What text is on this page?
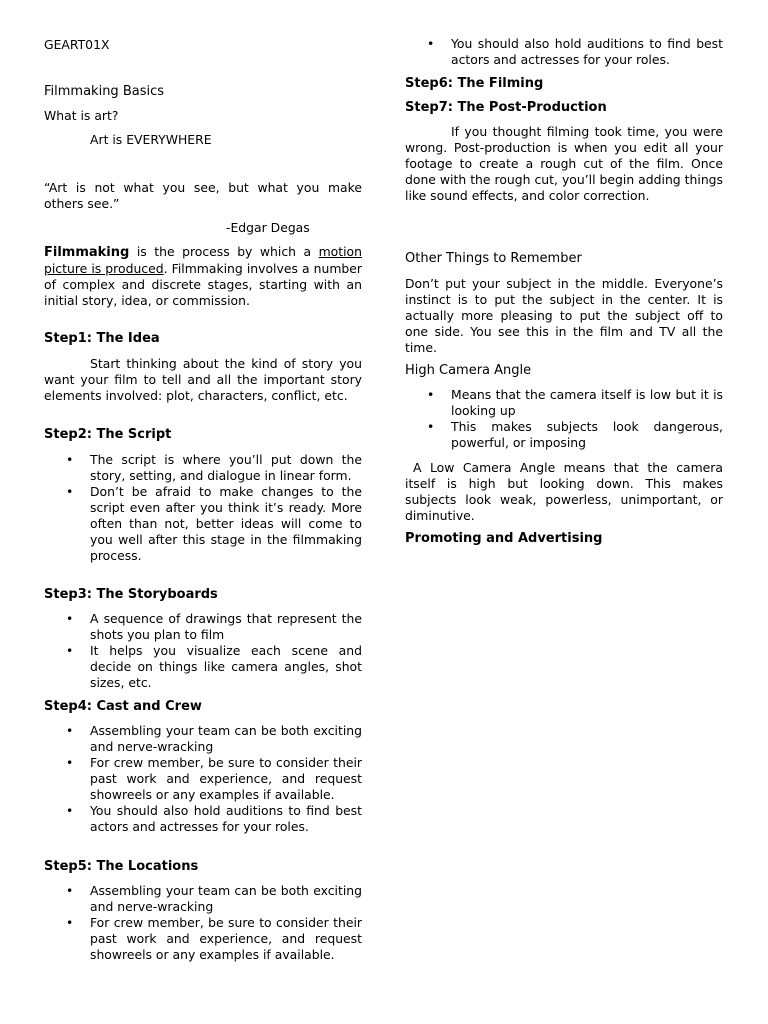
GEART01X

Filmmaking Basics

What is art?

Art is EVERYWHERE

“Art is not what you see, but what you make others see.”

-Edgar Degas

Filmmaking is the process by which a motion picture is produced. Filmmaking involves a number of complex and discrete stages, starting with an initial story, idea, or commission.

Step1: The Idea

Start thinking about the kind of story you want your film to tell and all the important story elements involved: plot, characters, conflict, etc.

Step2: The Script

• The script is where you’ll put down the story, setting, and dialogue in linear form.
• Don’t be afraid to make changes to the script even after you think it’s ready. More often than not, better ideas will come to you well after this stage in the filmmaking process.

Step3: The Storyboards

• A sequence of drawings that represent the shots you plan to film
• It helps you visualize each scene and decide on things like camera angles, shot sizes, etc.

Step4: Cast and Crew

• Assembling your team can be both exciting and nerve-wracking
• For crew member, be sure to consider their past work and experience, and request showreels or any examples if available.
• You should also hold auditions to find best actors and actresses for your roles.

Step5: The Locations

• Assembling your team can be both exciting and nerve-wracking
• For crew member, be sure to consider their past work and experience, and request showreels or any examples if available.
• You should also hold auditions to find best actors and actresses for your roles.

Step6: The Filming

Step7: The Post-Production

If you thought filming took time, you were wrong. Post-production is when you edit all your footage to create a rough cut of the film. Once done with the rough cut, you’ll begin adding things like sound effects, and color correction.

Other Things to Remember

Don’t put your subject in the middle. Everyone’s instinct is to put the subject in the center. It is actually more pleasing to put the subject off to one side. You see this in the film and TV all the time.

High Camera Angle

• Means that the camera itself is low but it is looking up
• This makes subjects look dangerous, powerful, or imposing

A Low Camera Angle means that the camera itself is high but looking down. This makes subjects look weak, powerless, unimportant, or diminutive.

Promoting and Advertising
